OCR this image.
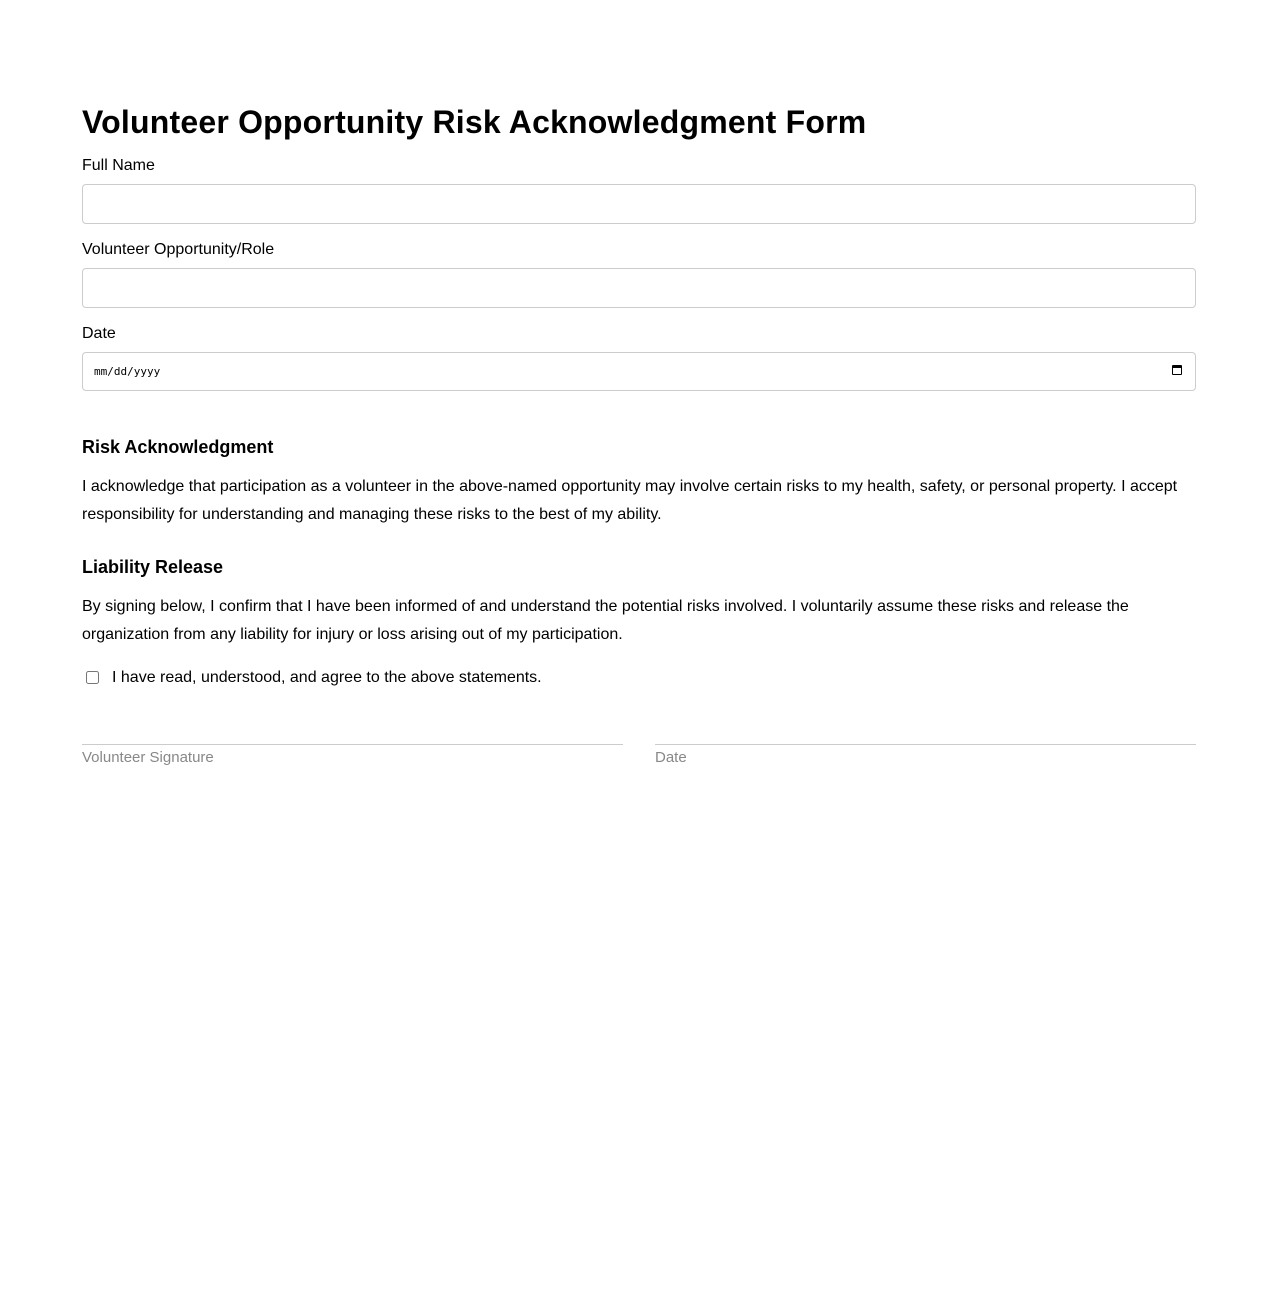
Volunteer Opportunity Risk Acknowledgment Form
Full Name
Volunteer Opportunity/Role
Date
mm/dd/yyyy
Risk Acknowledgment

I acknowledge that participation as a volunteer in the above-named opportunity may involve certain risks to my health, safety, or personal property. I accept responsibility for understanding and managing these risks to the best of my ability.

Liability Release

By signing below, I confirm that I have been informed of and understand the potential risks involved. I voluntarily assume these risks and release the organization from any liability for injury or loss arising out of my participation.

I have read, understood, and agree to the above statements.
Volunteer Signature	Date
